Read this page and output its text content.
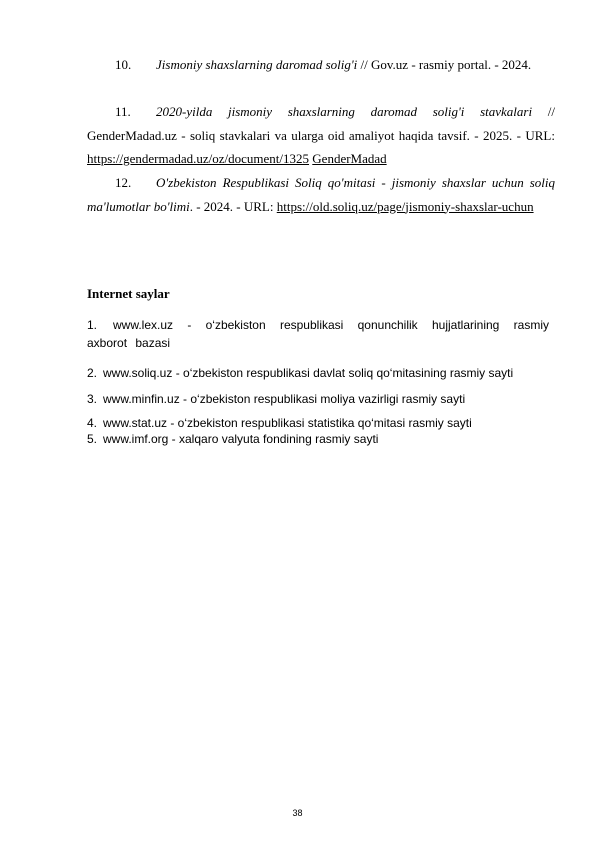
10. Jismoniy shaxslarning daromad solig'i // Gov.uz - rasmiy portal. - 2024.
11. 2020-yilda jismoniy shaxslarning daromad solig'i stavkalari // GenderMadad.uz - soliq stavkalari va ularga oid amaliyot haqida tavsif. - 2025. - URL: https://gendermadad.uz/oz/document/1325 GenderMadad
12. O'zbekiston Respublikasi Soliq qo'mitasi - jismoniy shaxslar uchun soliq ma'lumotlar bo'limi. - 2024. - URL: https://old.soliq.uz/page/jismoniy-shaxslar-uchun
Internet saylar
1. www.lex.uz - o‘zbekiston respublikasi qonunchilik hujjatlarining rasmiy axborot bazasi
2. www.soliq.uz - o‘zbekiston respublikasi davlat soliq qo‘mitasining rasmiy sayti
3. www.minfin.uz - o‘zbekiston respublikasi moliya vazirligi rasmiy sayti
4. www.stat.uz - o‘zbekiston respublikasi statistika qo‘mitasi rasmiy sayti
5. www.imf.org - xalqaro valyuta fondining rasmiy sayti
38
